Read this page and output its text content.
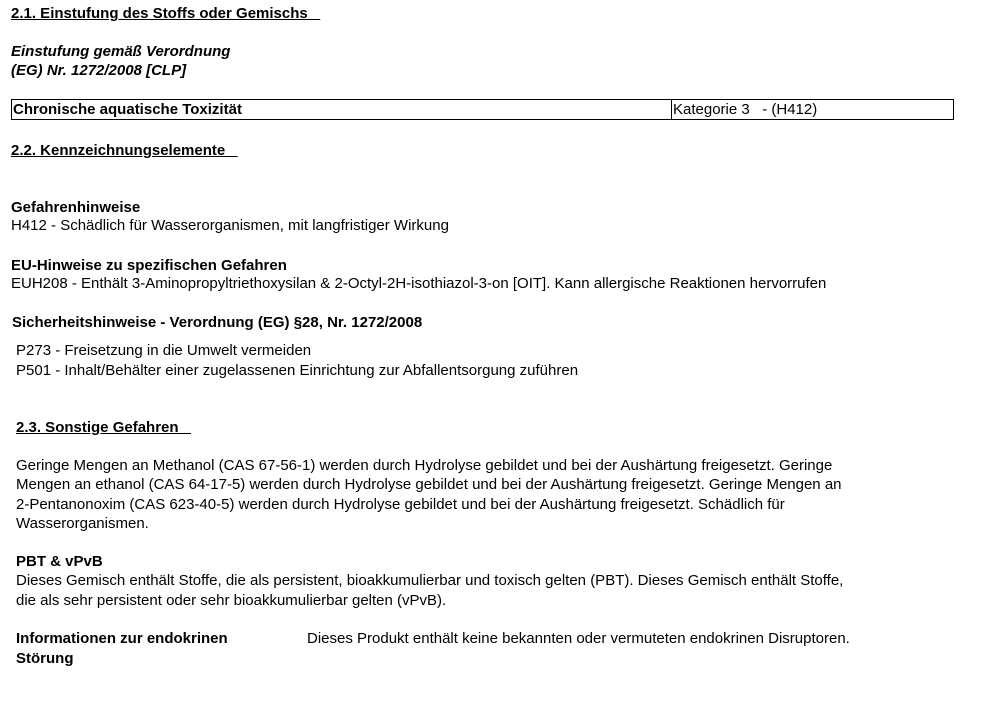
2.1. Einstufung des Stoffs oder Gemischs
Einstufung gemäß Verordnung
(EG) Nr. 1272/2008 [CLP]
Chronische aquatische Toxizität	Kategorie 3   - (H412)
2.2. Kennzeichnungselemente
Gefahrenhinweise
H412 - Schädlich für Wasserorganismen, mit langfristiger Wirkung
EU-Hinweise zu spezifischen Gefahren
EUH208 - Enthält 3-Aminopropyltriethoxysilan & 2-Octyl-2H-isothiazol-3-on [OIT]. Kann allergische Reaktionen hervorrufen
Sicherheitshinweise - Verordnung (EG) §28, Nr. 1272/2008
P273 - Freisetzung in die Umwelt vermeiden
P501 - Inhalt/Behälter einer zugelassenen Einrichtung zur Abfallentsorgung zuführen
2.3. Sonstige Gefahren
Geringe Mengen an Methanol (CAS 67-56-1) werden durch Hydrolyse gebildet und bei der Aushärtung freigesetzt. Geringe
Mengen an ethanol (CAS 64-17-5) werden durch Hydrolyse gebildet und bei der Aushärtung freigesetzt. Geringe Mengen an
2-Pentanonoxim (CAS 623-40-5) werden durch Hydrolyse gebildet und bei der Aushärtung freigesetzt. Schädlich für
Wasserorganismen.
PBT & vPvB
Dieses Gemisch enthält Stoffe, die als persistent, bioakkumulierbar und toxisch gelten (PBT). Dieses Gemisch enthält Stoffe,
die als sehr persistent oder sehr bioakkumulierbar gelten (vPvB).
Informationen zur endokrinen
Störung
Dieses Produkt enthält keine bekannten oder vermuteten endokrinen Disruptoren.
